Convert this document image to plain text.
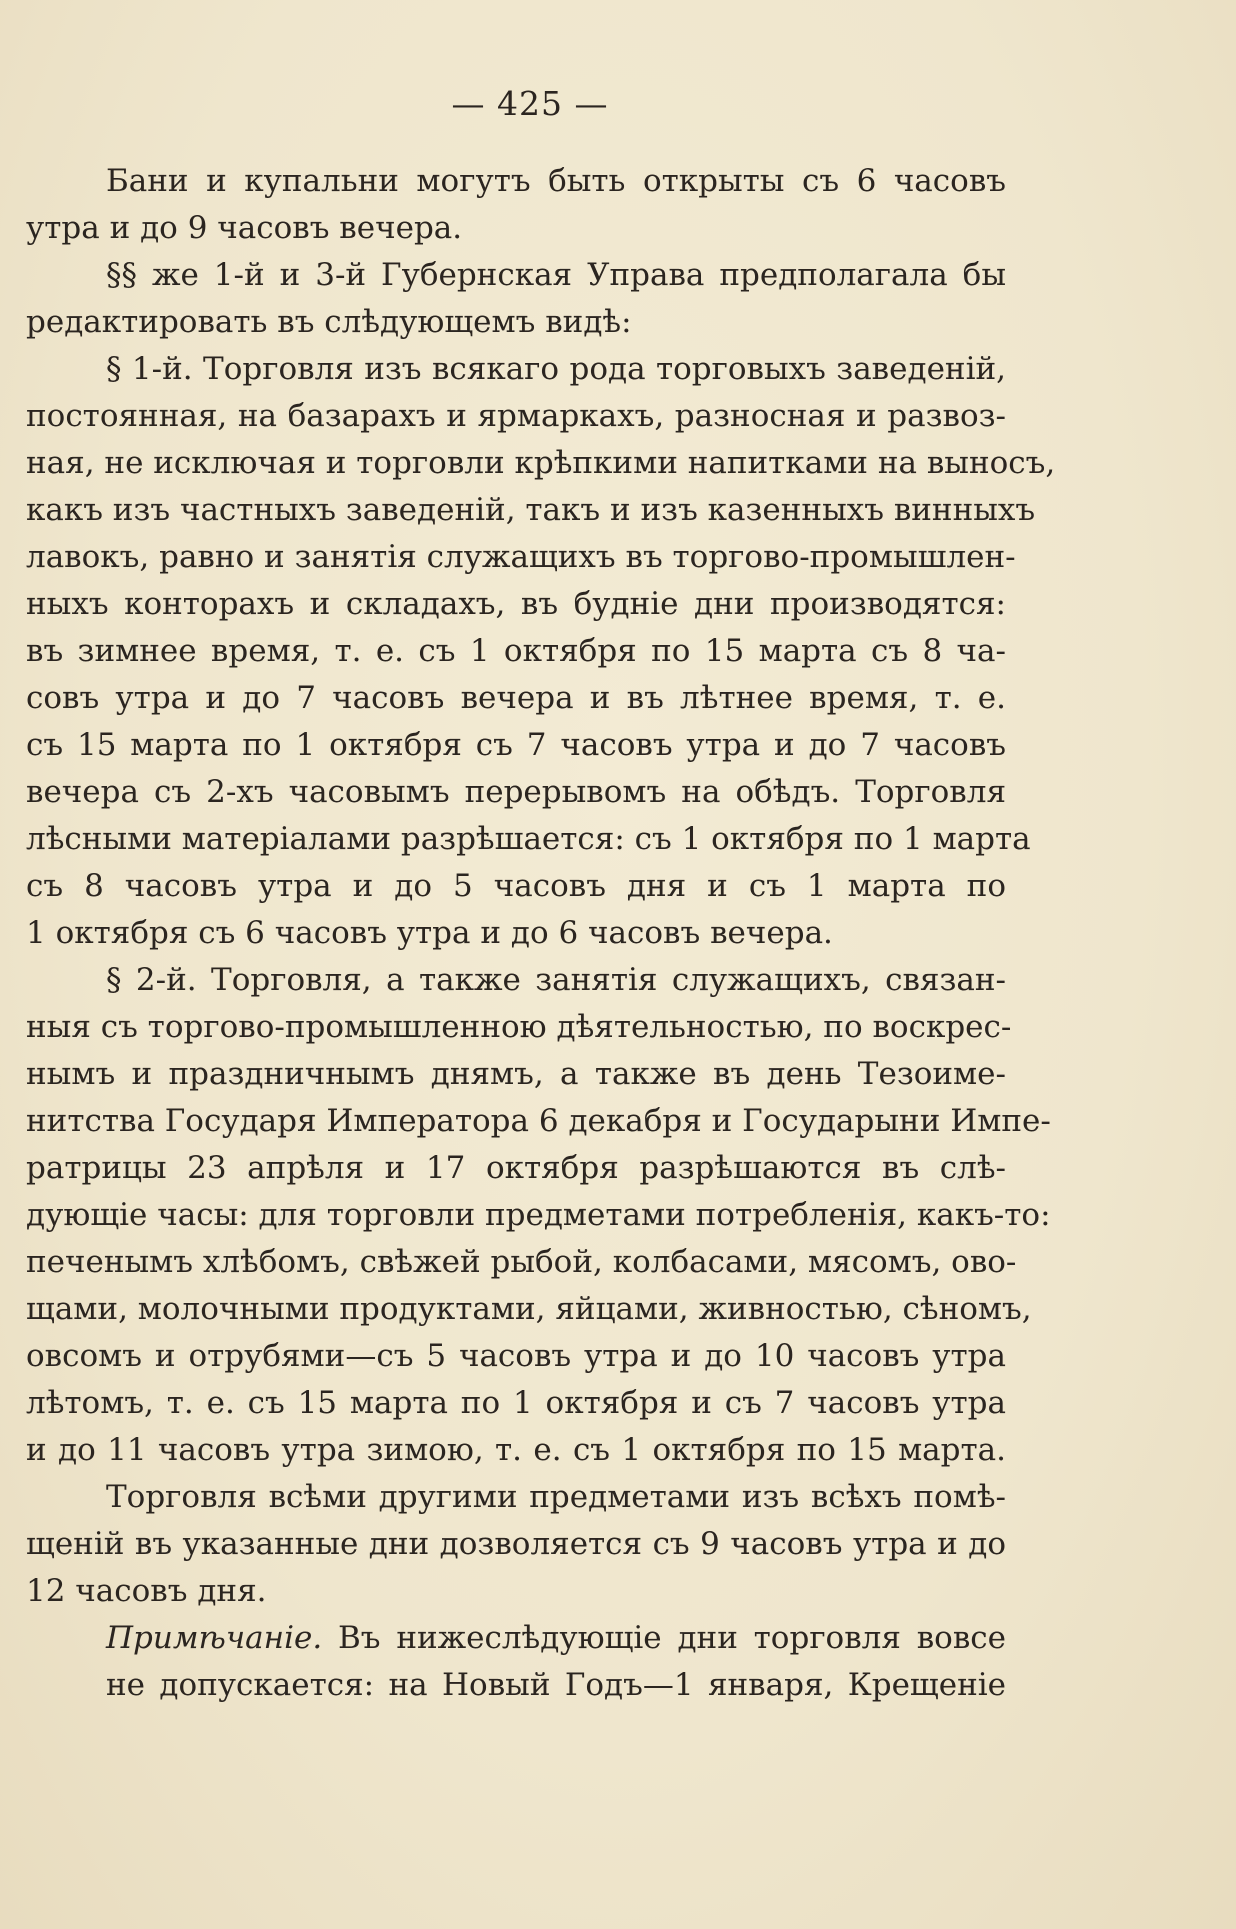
— 425 —
Бани и купальни могутъ быть открыты съ 6 часовъ
утра и до 9 часовъ вечера.
§§ же 1-й и 3-й Губернская Управа предполагала бы
редактировать въ слѣдующемъ видѣ:
§ 1-й. Торговля изъ всякаго рода торговыхъ заведеній,
постоянная, на базарахъ и ярмаркахъ, разносная и развоз-
ная, не исключая и торговли крѣпкими напитками на выносъ,
какъ изъ частныхъ заведеній, такъ и изъ казенныхъ винныхъ
лавокъ, равно и занятія служащихъ въ торгово-промышлен-
ныхъ конторахъ и складахъ, въ будніе дни производятся:
въ зимнее время, т. е. съ 1 октября по 15 марта съ 8 ча-
совъ утра и до 7 часовъ вечера и въ лѣтнее время, т. е.
съ 15 марта по 1 октября съ 7 часовъ утра и до 7 часовъ
вечера съ 2-хъ часовымъ перерывомъ на обѣдъ. Торговля
лѣсными матеріалами разрѣшается: съ 1 октября по 1 марта
съ 8 часовъ утра и до 5 часовъ дня и съ 1 марта по
1 октября съ 6 часовъ утра и до 6 часовъ вечера.
§ 2-й. Торговля, а также занятія служащихъ, связан-
ныя съ торгово-промышленною дѣятельностью, по воскрес-
нымъ и праздничнымъ днямъ, а также въ день Тезоиме-
нитства Государя Императора 6 декабря и Государыни Импе-
ратрицы 23 апрѣля и 17 октября разрѣшаются въ слѣ-
дующіе часы: для торговли предметами потребленія, какъ-то:
печенымъ хлѣбомъ, свѣжей рыбой, колбасами, мясомъ, ово-
щами, молочными продуктами, яйцами, живностью, сѣномъ,
овсомъ и отрубями—съ 5 часовъ утра и до 10 часовъ утра
лѣтомъ, т. е. съ 15 марта по 1 октября и съ 7 часовъ утра
и до 11 часовъ утра зимою, т. е. съ 1 октября по 15 марта.
Торговля всѣми другими предметами изъ всѣхъ помѣ-
щеній въ указанные дни дозволяется съ 9 часовъ утра и до
12 часовъ дня.
Примѣчаніе. Въ нижеслѣдующіе дни торговля вовсе
не допускается: на Новый Годъ—1 января, Крещеніе
